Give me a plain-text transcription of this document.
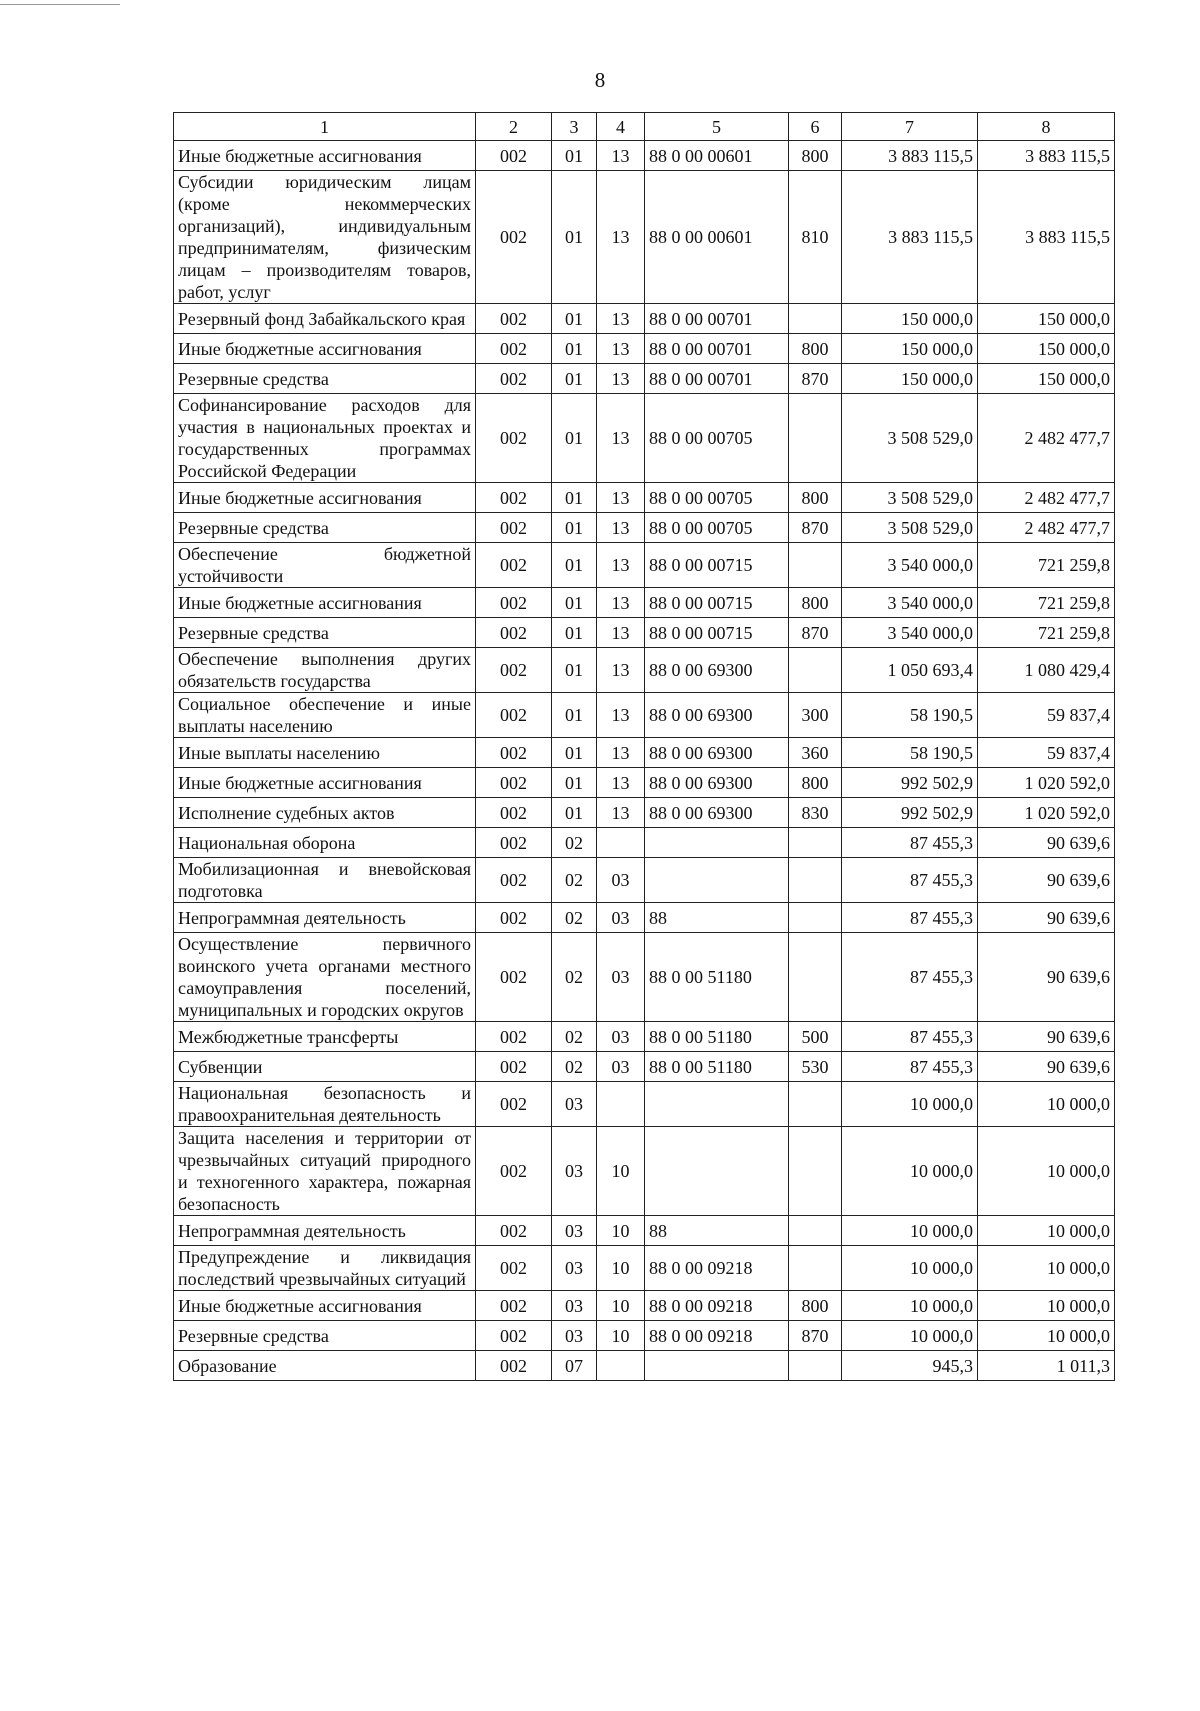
8
1	2	3	4	5	6	7	8
Иные бюджетные ассигнования	002	01	13	88 0 00 00601	800	3 883 115,5	3 883 115,5
Субсидии юридическим лицам (кроме некоммерческих организаций), индивидуальным предпринимателям, физическим лицам – производителям товаров, работ, услуг	002	01	13	88 0 00 00601	810	3 883 115,5	3 883 115,5
Резервный фонд Забайкальского края	002	01	13	88 0 00 00701		150 000,0	150 000,0
Иные бюджетные ассигнования	002	01	13	88 0 00 00701	800	150 000,0	150 000,0
Резервные средства	002	01	13	88 0 00 00701	870	150 000,0	150 000,0
Софинансирование расходов для участия в национальных проектах и государственных программах Российской Федерации	002	01	13	88 0 00 00705		3 508 529,0	2 482 477,7
Иные бюджетные ассигнования	002	01	13	88 0 00 00705	800	3 508 529,0	2 482 477,7
Резервные средства	002	01	13	88 0 00 00705	870	3 508 529,0	2 482 477,7
Обеспечение бюджетной устойчивости	002	01	13	88 0 00 00715		3 540 000,0	721 259,8
Иные бюджетные ассигнования	002	01	13	88 0 00 00715	800	3 540 000,0	721 259,8
Резервные средства	002	01	13	88 0 00 00715	870	3 540 000,0	721 259,8
Обеспечение выполнения других обязательств государства	002	01	13	88 0 00 69300		1 050 693,4	1 080 429,4
Социальное обеспечение и иные выплаты населению	002	01	13	88 0 00 69300	300	58 190,5	59 837,4
Иные выплаты населению	002	01	13	88 0 00 69300	360	58 190,5	59 837,4
Иные бюджетные ассигнования	002	01	13	88 0 00 69300	800	992 502,9	1 020 592,0
Исполнение судебных актов	002	01	13	88 0 00 69300	830	992 502,9	1 020 592,0
Национальная оборона	002	02				87 455,3	90 639,6
Мобилизационная и вневойсковая подготовка	002	02	03			87 455,3	90 639,6
Непрограммная деятельность	002	02	03	88		87 455,3	90 639,6
Осуществление первичного воинского учета органами местного самоуправления поселений, муниципальных и городских округов	002	02	03	88 0 00 51180		87 455,3	90 639,6
Межбюджетные трансферты	002	02	03	88 0 00 51180	500	87 455,3	90 639,6
Субвенции	002	02	03	88 0 00 51180	530	87 455,3	90 639,6
Национальная безопасность и правоохранительная деятельность	002	03				10 000,0	10 000,0
Защита населения и территории от чрезвычайных ситуаций природного и техногенного характера, пожарная безопасность	002	03	10			10 000,0	10 000,0
Непрограммная деятельность	002	03	10	88		10 000,0	10 000,0
Предупреждение и ликвидация последствий чрезвычайных ситуаций	002	03	10	88 0 00 09218		10 000,0	10 000,0
Иные бюджетные ассигнования	002	03	10	88 0 00 09218	800	10 000,0	10 000,0
Резервные средства	002	03	10	88 0 00 09218	870	10 000,0	10 000,0
Образование	002	07				945,3	1 011,3
